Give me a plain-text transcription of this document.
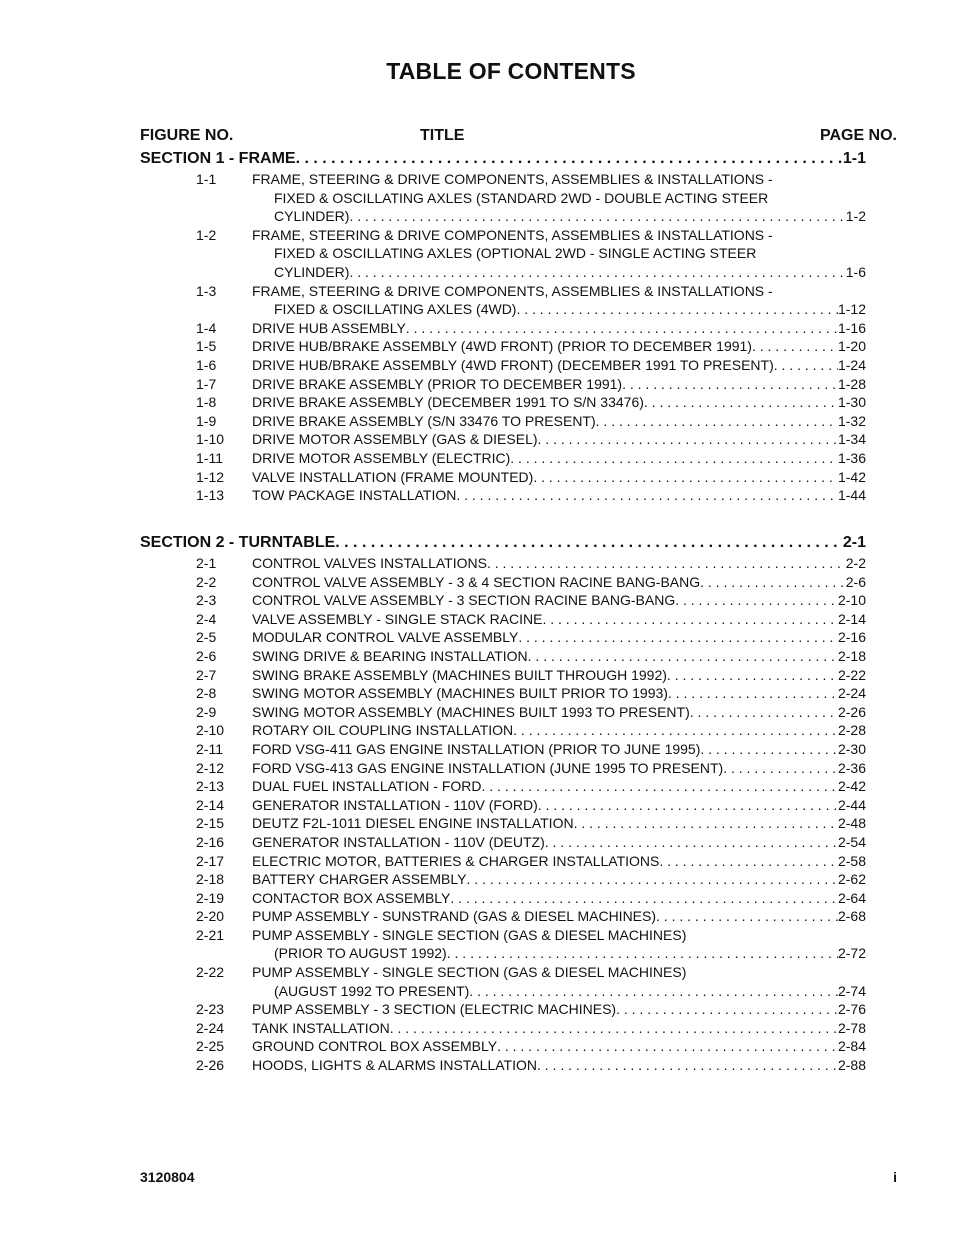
TABLE OF CONTENTS
FIGURE NO.	TITLE	PAGE NO.
SECTION 1 - FRAME . . .	1-1
1-1	FRAME, STEERING & DRIVE COMPONENTS, ASSEMBLIES & INSTALLATIONS -
FIXED & OSCILLATING AXLES (STANDARD 2WD - DOUBLE ACTING STEER
CYLINDER) . . .	1-2
1-2	FRAME, STEERING & DRIVE COMPONENTS, ASSEMBLIES & INSTALLATIONS -
FIXED & OSCILLATING AXLES (OPTIONAL 2WD - SINGLE ACTING STEER
CYLINDER) . . .	1-6
1-3	FRAME, STEERING & DRIVE COMPONENTS, ASSEMBLIES & INSTALLATIONS -
FIXED & OSCILLATING AXLES (4WD) . . .	1-12
1-4	DRIVE HUB ASSEMBLY . . .	1-16
1-5	DRIVE HUB/BRAKE ASSEMBLY (4WD FRONT) (PRIOR TO DECEMBER 1991) . . .	1-20
1-6	DRIVE HUB/BRAKE ASSEMBLY (4WD FRONT) (DECEMBER 1991 TO PRESENT) . . .	1-24
1-7	DRIVE BRAKE ASSEMBLY (PRIOR TO DECEMBER 1991) . . .	1-28
1-8	DRIVE BRAKE ASSEMBLY (DECEMBER 1991 TO S/N 33476) . . .	1-30
1-9	DRIVE BRAKE ASSEMBLY (S/N 33476 TO PRESENT) . . .	1-32
1-10	DRIVE MOTOR ASSEMBLY (GAS & DIESEL) . . .	1-34
1-11	DRIVE MOTOR ASSEMBLY (ELECTRIC) . . .	1-36
1-12	VALVE INSTALLATION (FRAME MOUNTED) . . .	1-42
1-13	TOW PACKAGE INSTALLATION . . .	1-44
SECTION 2 - TURNTABLE . . .	2-1
2-1	CONTROL VALVES INSTALLATIONS . . .	2-2
2-2	CONTROL VALVE ASSEMBLY - 3 & 4 SECTION RACINE BANG-BANG . . .	2-6
2-3	CONTROL VALVE ASSEMBLY - 3 SECTION RACINE BANG-BANG . . .	2-10
2-4	VALVE ASSEMBLY - SINGLE STACK RACINE . . .	2-14
2-5	MODULAR CONTROL VALVE ASSEMBLY . . .	2-16
2-6	SWING DRIVE & BEARING INSTALLATION . . .	2-18
2-7	SWING BRAKE ASSEMBLY (MACHINES BUILT THROUGH 1992) . . .	2-22
2-8	SWING MOTOR ASSEMBLY (MACHINES BUILT PRIOR TO 1993) . . .	2-24
2-9	SWING MOTOR ASSEMBLY (MACHINES BUILT 1993 TO PRESENT) . . .	2-26
2-10	ROTARY OIL COUPLING INSTALLATION . . .	2-28
2-11	FORD VSG-411 GAS ENGINE INSTALLATION (PRIOR TO JUNE 1995) . . .	2-30
2-12	FORD VSG-413 GAS ENGINE INSTALLATION (JUNE 1995 TO PRESENT) . . .	2-36
2-13	DUAL FUEL INSTALLATION - FORD . . .	2-42
2-14	GENERATOR INSTALLATION - 110V (FORD) . . .	2-44
2-15	DEUTZ F2L-1011 DIESEL ENGINE INSTALLATION . . .	2-48
2-16	GENERATOR INSTALLATION - 110V (DEUTZ) . . .	2-54
2-17	ELECTRIC MOTOR, BATTERIES & CHARGER INSTALLATIONS . . .	2-58
2-18	BATTERY CHARGER ASSEMBLY . . .	2-62
2-19	CONTACTOR BOX ASSEMBLY . . .	2-64
2-20	PUMP ASSEMBLY - SUNSTRAND (GAS & DIESEL MACHINES) . . .	2-68
2-21	PUMP ASSEMBLY - SINGLE SECTION (GAS & DIESEL MACHINES)
(PRIOR TO AUGUST 1992) . . .	2-72
2-22	PUMP ASSEMBLY - SINGLE SECTION (GAS & DIESEL MACHINES)
(AUGUST 1992 TO PRESENT) . . .	2-74
2-23	PUMP ASSEMBLY - 3 SECTION (ELECTRIC MACHINES) . . .	2-76
2-24	TANK INSTALLATION . . .	2-78
2-25	GROUND CONTROL BOX ASSEMBLY . . .	2-84
2-26	HOODS, LIGHTS & ALARMS INSTALLATION . . .	2-88
3120804	i
